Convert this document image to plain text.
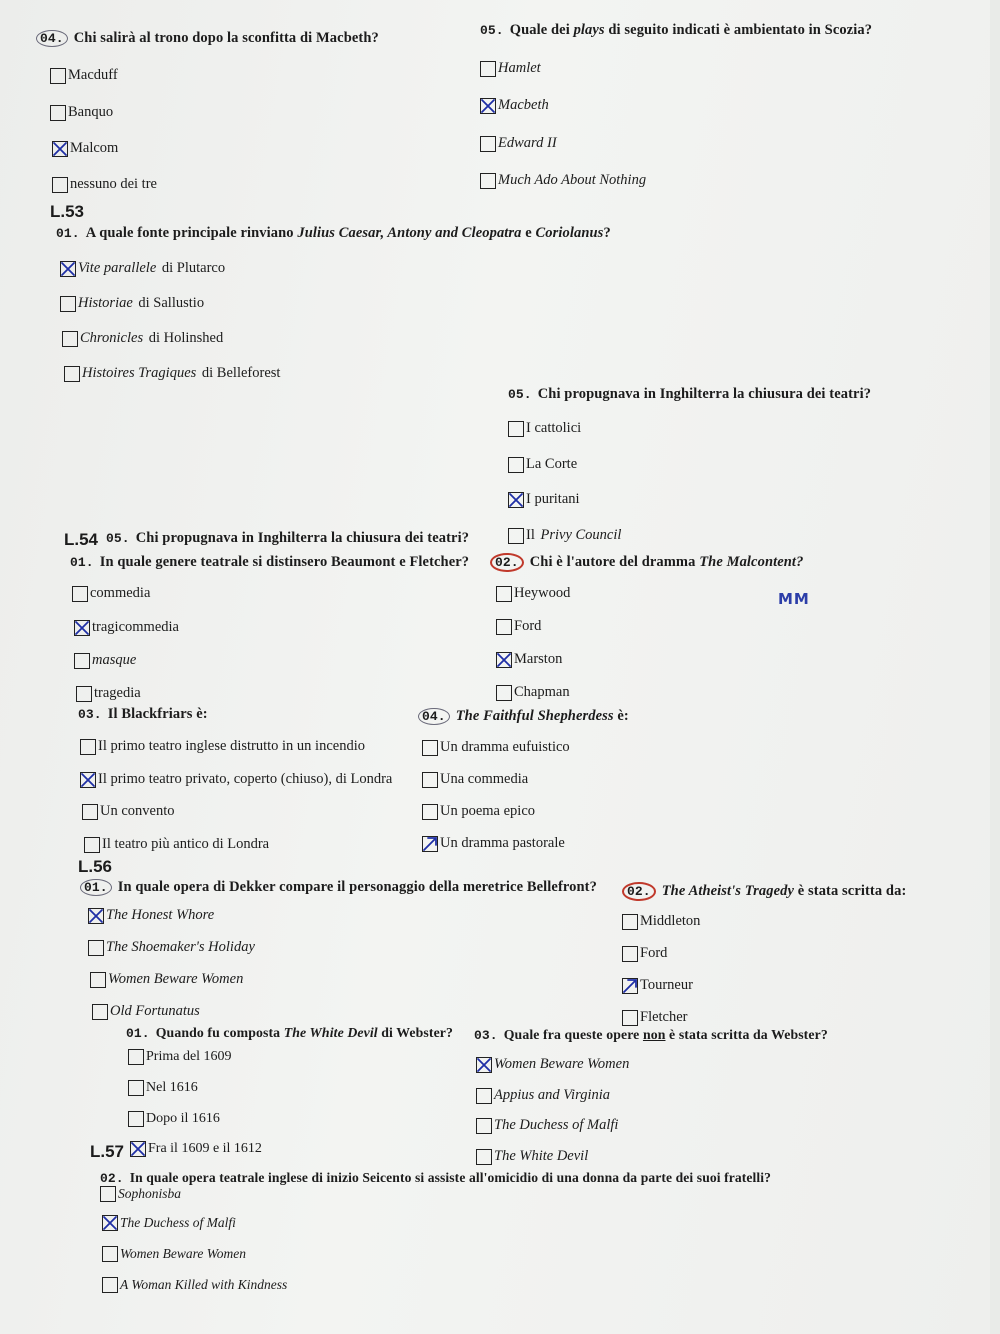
04. Chi salirà al trono dopo la sconfitta di Macbeth?
Macduff
Banquo
Malcom
nessuno dei tre
05. Quale dei plays di seguito indicati è ambientato in Scozia?
Hamlet
Macbeth
Edward II
Much Ado About Nothing
L.53
01. A quale fonte principale rinviano Julius Caesar, Antony and Cleopatra e Coriolanus?
Vite parallele di Plutarco
Historiae di Sallustio
Chronicles di Holinshed
Histoires Tragiques di Belleforest
05. Chi propugnava in Inghilterra la chiusura dei teatri?
I cattolici
La Corte
I puritani
Il Privy Council
L.54 05. Chi propugnava in Inghilterra la chiusura dei teatri?
01. In quale genere teatrale si distinsero Beaumont e Fletcher?	02. Chi è l'autore del dramma The Malcontent?
commedia
tragicommedia
masque
tragedia
Heywood
Ford
Marston
Chapman
MM
03. Il Blackfriars è:
Il primo teatro inglese distrutto in un incendio
Il primo teatro privato, coperto (chiuso), di Londra
Un convento
Il teatro più antico di Londra
04. The Faithful Shepherdess è:
Un dramma eufuistico
Una commedia
Un poema epico
Un dramma pastorale
L.56
01. In quale opera di Dekker compare il personaggio della meretrice Bellefront?	02. The Atheist's Tragedy è stata scritta da:
The Honest Whore
The Shoemaker's Holiday
Women Beware Women
Old Fortunatus
Middleton
Ford
Tourneur
Fletcher
01. Quando fu composta The White Devil di Webster? 03. Quale fra queste opere non è stata scritta da Webster?
Prima del 1609
Nel 1616
Dopo il 1616
L.57 Fra il 1609 e il 1612
Women Beware Women
Appius and Virginia
The Duchess of Malfi
The White Devil
02. In quale opera teatrale inglese di inizio Seicento si assiste all'omicidio di una donna da parte dei suoi fratelli?
Sophonisba
The Duchess of Malfi
Women Beware Women
A Woman Killed with Kindness
